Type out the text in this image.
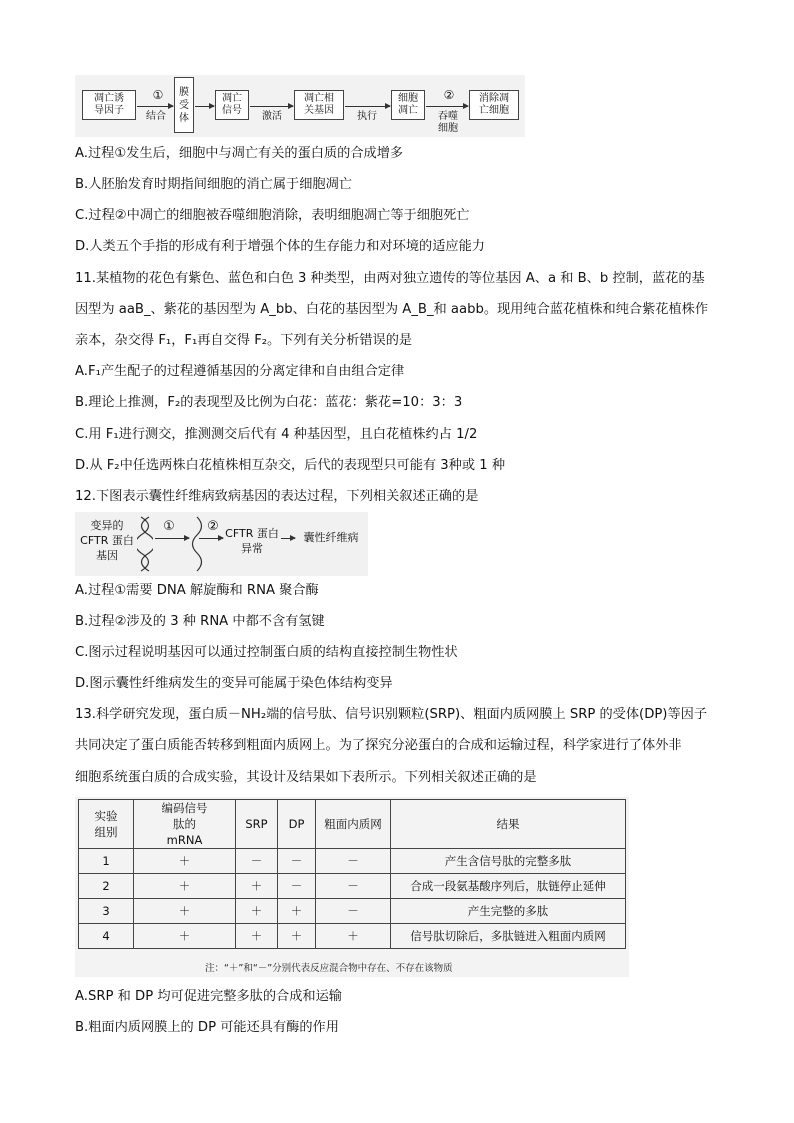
凋亡诱导因子
①
结合
膜受体
凋亡信号
激活
凋亡相关基因
执行
细胞凋亡
②
吞噬细胞
消除凋亡细胞
A.过程①发生后，细胞中与凋亡有关的蛋白质的合成增多
B.人胚胎发育时期指间细胞的消亡属于细胞凋亡
C.过程②中凋亡的细胞被吞噬细胞消除，表明细胞凋亡等于细胞死亡
D.人类五个手指的形成有利于增强个体的生存能力和对环境的适应能力
11.某植物的花色有紫色、蓝色和白色 3 种类型，由两对独立遗传的等位基因 A、a 和 B、b 控制，蓝花的基
因型为 aaB_、紫花的基因型为 A_bb、白花的基因型为 A_B_和 aabb。现用纯合蓝花植株和纯合紫花植株作
亲本，杂交得 F₁，F₁再自交得 F₂。下列有关分析错误的是
A.F₁产生配子的过程遵循基因的分离定律和自由组合定律
B.理论上推测，F₂的表现型及比例为白花：蓝花：紫花=10：3：3
C.用 F₁进行测交，推测测交后代有 4 种基因型，且白花植株约占 1/2
D.从 F₂中任选两株白花植株相互杂交，后代的表现型只可能有 3种或 1 种
12.下图表示囊性纤维病致病基因的表达过程，下列相关叙述正确的是
变异的 CFTR 蛋白基因
①	② CFTR 蛋白异常
囊性纤维病
A.过程①需要 DNA 解旋酶和 RNA 聚合酶
B.过程②涉及的 3 种 RNA 中都不含有氢键
C.图示过程说明基因可以通过控制蛋白质的结构直接控制生物性状
D.图示囊性纤维病发生的变异可能属于染色体结构变异
13.科学研究发现，蛋白质－NH₂端的信号肽、信号识别颗粒(SRP)、粗面内质网膜上 SRP 的受体(DP)等因子
共同决定了蛋白质能否转移到粗面内质网上。为了探究分泌蛋白的合成和运输过程，科学家进行了体外非
细胞系统蛋白质的合成实验，其设计及结果如下表所示。下列相关叙述正确的是
实验组别	编码信号肽的 mRNA	SRP	DP	粗面内质网	结果
1	＋	－	－	－	产生含信号肽的完整多肽
2	＋	＋	－	－	合成一段氨基酸序列后，肽链停止延伸
3	＋	＋	＋	－	产生完整的多肽
4	＋	＋	＋	＋	信号肽切除后，多肽链进入粗面内质网
注：“＋”和“－”分别代表反应混合物中存在、不存在该物质
A.SRP 和 DP 均可促进完整多肽的合成和运输
B.粗面内质网膜上的 DP 可能还具有酶的作用
